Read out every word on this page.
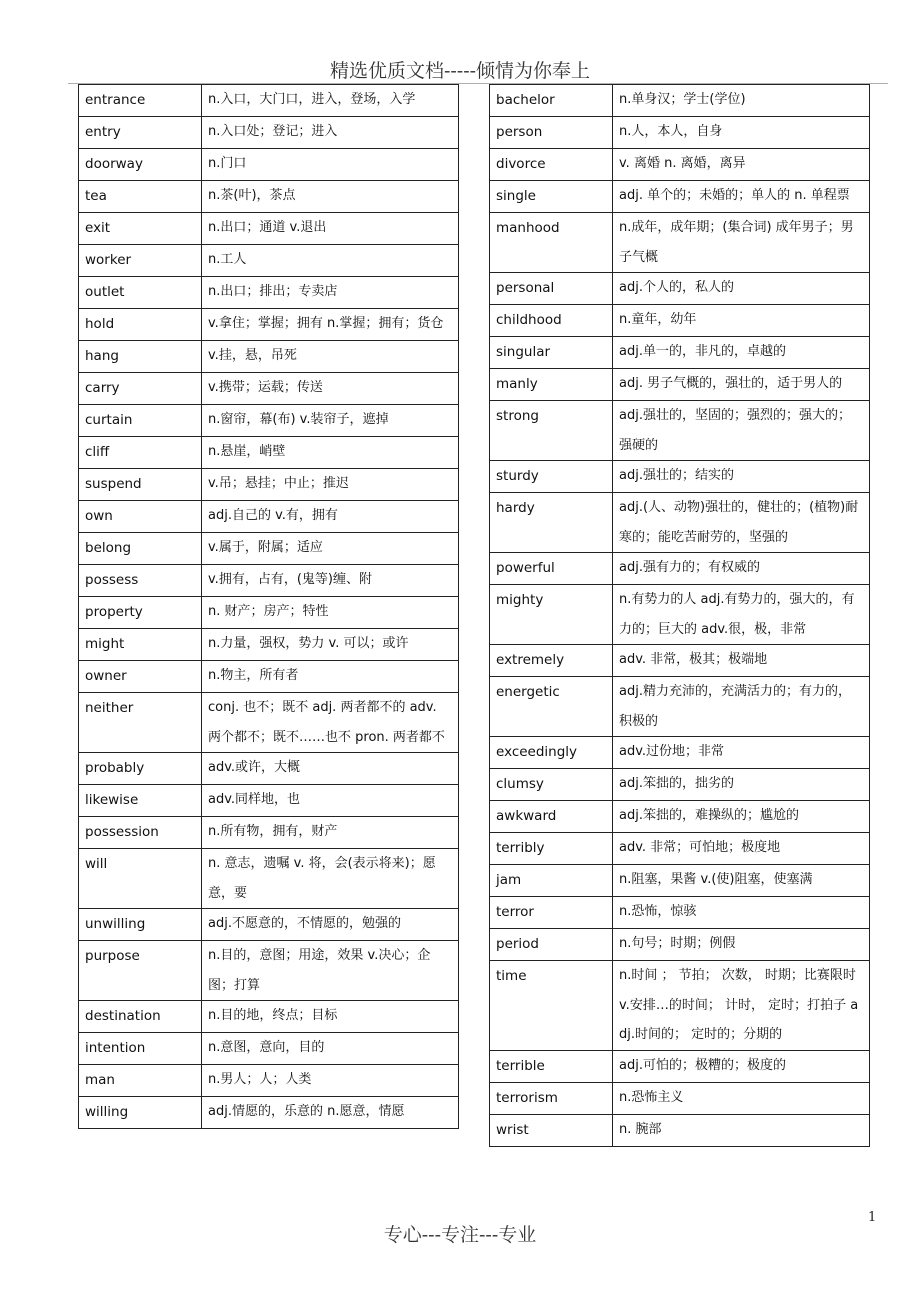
精选优质文档-----倾情为你奉上
entrance	n.入口，大门口，进入，登场，入学
entry	n.入口处；登记；进入
doorway	n.门口
tea	n.茶(叶)，茶点
exit	n.出口；通道 v.退出
worker	n.工人
outlet	n.出口；排出；专卖店
hold	v.拿住；掌握；拥有 n.掌握；拥有；货仓
hang	v.挂，悬，吊死
carry	v.携带；运载；传送
curtain	n.窗帘，幕(布) v.装帘子，遮掉
cliff	n.悬崖，峭壁
suspend	v.吊；悬挂；中止；推迟
own	adj.自己的 v.有，拥有
belong	v.属于，附属；适应
possess	v.拥有，占有，(鬼等)缠、附
property	n. 财产；房产；特性
might	n.力量，强权，势力 v. 可以；或许
owner	n.物主，所有者
neither	conj. 也不；既不 adj. 两者都不的 adv. 两个都不；既不……也不 pron. 两者都不
probably	adv.或许，大概
likewise	adv.同样地，也
possession	n.所有物，拥有，财产
will	n. 意志，遗嘱 v. 将，会(表示将来)；愿意，要
unwilling	adj.不愿意的，不情愿的，勉强的
purpose	n.目的，意图；用途，效果 v.决心；企图；打算
destination	n.目的地，终点；目标
intention	n.意图，意向，目的
man	n.男人；人；人类
willing	adj.情愿的，乐意的 n.愿意，情愿
bachelor	n.单身汉；学士(学位)
person	n.人，本人，自身
divorce	v. 离婚 n. 离婚，离异
single	adj. 单个的；未婚的；单人的 n. 单程票
manhood	n.成年，成年期；(集合词) 成年男子；男子气概
personal	adj.个人的，私人的
childhood	n.童年，幼年
singular	adj.单一的，非凡的，卓越的
manly	adj. 男子气概的，强壮的，适于男人的
strong	adj.强壮的，坚固的；强烈的；强大的；强硬的
sturdy	adj.强壮的；结实的
hardy	adj.(人、动物)强壮的，健壮的；(植物)耐寒的；能吃苦耐劳的，坚强的
powerful	adj.强有力的；有权威的
mighty	n.有势力的人 adj.有势力的，强大的，有力的；巨大的 adv.很，极，非常
extremely	adv. 非常，极其；极端地
energetic	adj.精力充沛的，充满活力的；有力的，积极的
exceedingly	adv.过份地；非常
clumsy	adj.笨拙的，拙劣的
awkward	adj.笨拙的，难操纵的；尴尬的
terribly	adv. 非常；可怕地；极度地
jam	n.阻塞，果酱 v.(使)阻塞，使塞满
terror	n.恐怖，惊骇
period	n.句号；时期；例假
time	n.时间 ； 节拍； 次数， 时期；比赛限时 v.安排…的时间； 计时， 定时；打拍子 adj.时间的； 定时的；分期的
terrible	adj.可怕的；极糟的；极度的
terrorism	n.恐怖主义
wrist	n. 腕部
1
专心---专注---专业
